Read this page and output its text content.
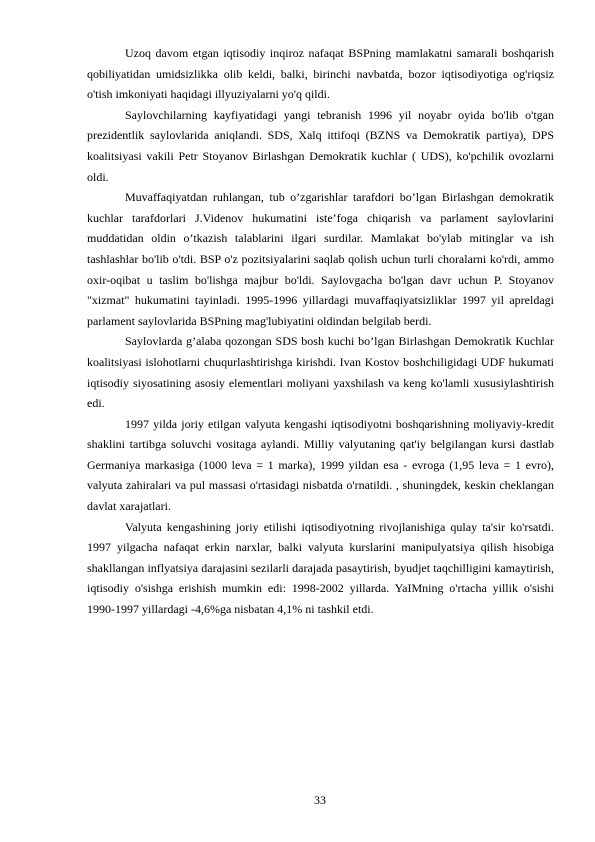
Uzoq davom etgan iqtisodiy inqiroz nafaqat BSPning mamlakatni samarali boshqarish qobiliyatidan umidsizlikka olib keldi, balki, birinchi navbatda, bozor iqtisodiyotiga og'riqsiz o'tish imkoniyati haqidagi illyuziyalarni yo'q qildi.

Saylovchilarning kayfiyatidagi yangi tebranish 1996 yil noyabr oyida bo'lib o'tgan prezidentlik saylovlarida aniqlandi. SDS, Xalq ittifoqi (BZNS va Demokratik partiya), DPS koalitsiyasi vakili Petr Stoyanov Birlashgan Demokratik kuchlar ( UDS), ko'pchilik ovozlarni oldi.

Muvaffaqiyatdan ruhlangan, tub o’zgarishlar tarafdori bo’lgan Birlashgan demokratik kuchlar tarafdorlari J.Videnov hukumatini iste’foga chiqarish va parlament saylovlarini muddatidan oldin o’tkazish talablarini ilgari surdilar. Mamlakat bo'ylab mitinglar va ish tashlashlar bo'lib o'tdi. BSP o'z pozitsiyalarini saqlab qolish uchun turli choralarni ko'rdi, ammo oxir-oqibat u taslim bo'lishga majbur bo'ldi. Saylovgacha bo'lgan davr uchun P. Stoyanov "xizmat" hukumatini tayinladi. 1995-1996 yillardagi muvaffaqiyatsizliklar 1997 yil apreldagi parlament saylovlarida BSPning mag'lubiyatini oldindan belgilab berdi.

Saylovlarda g’alaba qozongan SDS bosh kuchi bo’lgan Birlashgan Demokratik Kuchlar koalitsiyasi islohotlarni chuqurlashtirishga kirishdi. Ivan Kostov boshchiligidagi UDF hukumati iqtisodiy siyosatining asosiy elementlari moliyani yaxshilash va keng ko'lamli xususiylashtirish edi.

1997 yilda joriy etilgan valyuta kengashi iqtisodiyotni boshqarishning moliyaviy-kredit shaklini tartibga soluvchi vositaga aylandi. Milliy valyutaning qat'iy belgilangan kursi dastlab Germaniya markasiga (1000 leva = 1 marka), 1999 yildan esa - evroga (1,95 leva = 1 evro), valyuta zahiralari va pul massasi o'rtasidagi nisbatda o'rnatildi. , shuningdek, keskin cheklangan davlat xarajatlari.

Valyuta kengashining joriy etilishi iqtisodiyotning rivojlanishiga qulay ta'sir ko'rsatdi. 1997 yilgacha nafaqat erkin narxlar, balki valyuta kurslarini manipulyatsiya qilish hisobiga shakllangan inflyatsiya darajasini sezilarli darajada pasaytirish, byudjet taqchilligini kamaytirish, iqtisodiy o'sishga erishish mumkin edi: 1998-2002 yillarda. YaIMning o'rtacha yillik o'sishi 1990-1997 yillardagi -4,6%ga nisbatan 4,1% ni tashkil etdi.

33
